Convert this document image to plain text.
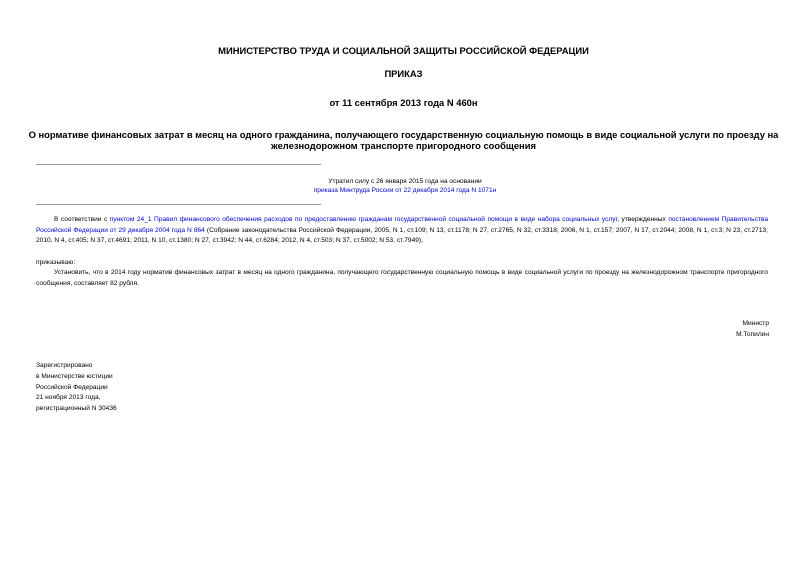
МИНИСТЕРСТВО ТРУДА И СОЦИАЛЬНОЙ ЗАЩИТЫ РОССИЙСКОЙ ФЕДЕРАЦИИ

ПРИКАЗ

от 11 сентября 2013 года N 460н

О нормативе финансовых затрат в месяц на одного гражданина, получающего государственную социальную помощь в виде социальной услуги по проезду на железнодорожном транспорте пригородного сообщения

Утратил силу с 26 января 2015 года на основании

приказа Минтруда России от 22 декабря 2014 года N 1071н

В соответствии с пунктом 24_1 Правил финансового обеспечения расходов по предоставлению гражданам государственной социальной помощи в виде набора социальных услуг, утвержденных постановлением Правительства Российской Федерации от 29 декабря 2004 года N 864 (Собрание законодательства Российской Федерации, 2005, N 1, ст.109; N 13, ст.1178; N 27, ст.2765, N 32, ст.3318; 2006, N 1, ст.157; 2007, N 17, ст.2044; 2008, N 1, ст.3; N 23, ст.2713; 2010, N 4, ст.405; N 37, ст.4691; 2011, N 10, ст.1380; N 27, ст.3942; N 44, ст.6284; 2012, N 4, ст.503; N 37, ст.5002; N 53, ст.7949),

приказываю:

Установить, что в 2014 году норматив финансовых затрат в месяц на одного гражданина, получающего государственную социальную помощь в виде социальной услуги по проезду на железнодорожном транспорте пригородного сообщения, составляет 82 рубля.

Министр

М.Топилин

Зарегистрировано

в Министерстве юстиции

Российской Федерации

21 ноября 2013 года,

регистрационный N 30436
